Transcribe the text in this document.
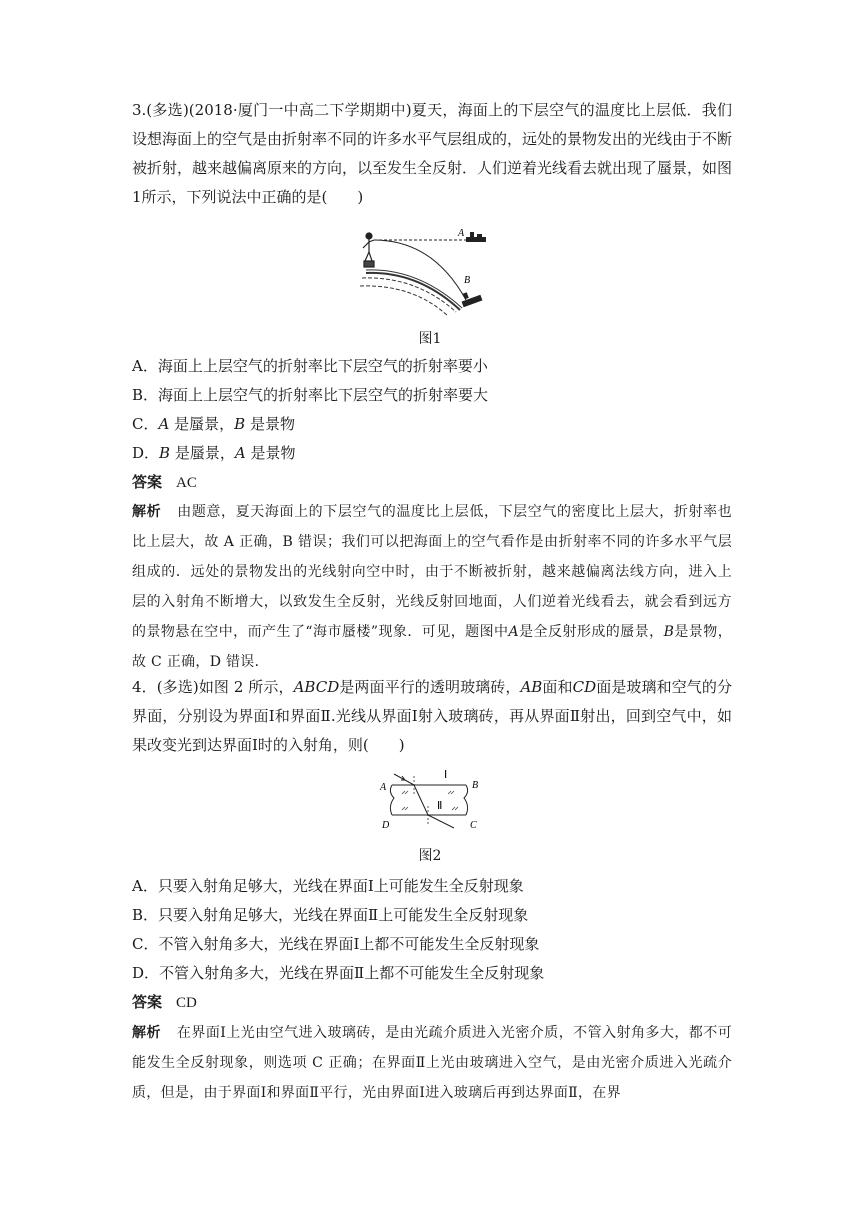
3.(多选)(2018·厦门一中高二下学期期中)夏天，海面上的下层空气的温度比上层低．我们设想海面上的空气是由折射率不同的许多水平气层组成的，远处的景物发出的光线由于不断被折射，越来越偏离原来的方向，以至发生全反射．人们逆着光线看去就出现了蜃景，如图1所示，下列说法中正确的是(　　)
A
B
图1
A．海面上上层空气的折射率比下层空气的折射率要小
B．海面上上层空气的折射率比下层空气的折射率要大
C．A 是蜃景，B 是景物
D．B 是蜃景，A 是景物
答案 AC
解析 由题意，夏天海面上的下层空气的温度比上层低，下层空气的密度比上层大，折射率也比上层大，故 A 正确，B 错误；我们可以把海面上的空气看作是由折射率不同的许多水平气层组成的．远处的景物发出的光线射向空中时，由于不断被折射，越来越偏离法线方向，进入上层的入射角不断增大，以致发生全反射，光线反射回地面，人们逆着光线看去，就会看到远方的景物悬在空中，而产生了“海市蜃楼”现象．可见，题图中A是全反射形成的蜃景，B是景物，故 C 正确，D 错误．
4．(多选)如图 2 所示，ABCD是两面平行的透明玻璃砖，AB面和CD面是玻璃和空气的分界面，分别设为界面Ⅰ和界面Ⅱ.光线从界面Ⅰ射入玻璃砖，再从界面Ⅱ射出，回到空气中，如果改变光到达界面Ⅰ时的入射角，则(　　)
Ⅰ
Ⅱ
A	B
C
D
图2
A．只要入射角足够大，光线在界面Ⅰ上可能发生全反射现象
B．只要入射角足够大，光线在界面Ⅱ上可能发生全反射现象
C．不管入射角多大，光线在界面Ⅰ上都不可能发生全反射现象
D．不管入射角多大，光线在界面Ⅱ上都不可能发生全反射现象
答案 CD
解析 在界面Ⅰ上光由空气进入玻璃砖，是由光疏介质进入光密介质，不管入射角多大，都不可能发生全反射现象，则选项 C 正确；在界面Ⅱ上光由玻璃进入空气，是由光密介质进入光疏介质，但是，由于界面Ⅰ和界面Ⅱ平行，光由界面Ⅰ进入玻璃后再到达界面Ⅱ，在界
